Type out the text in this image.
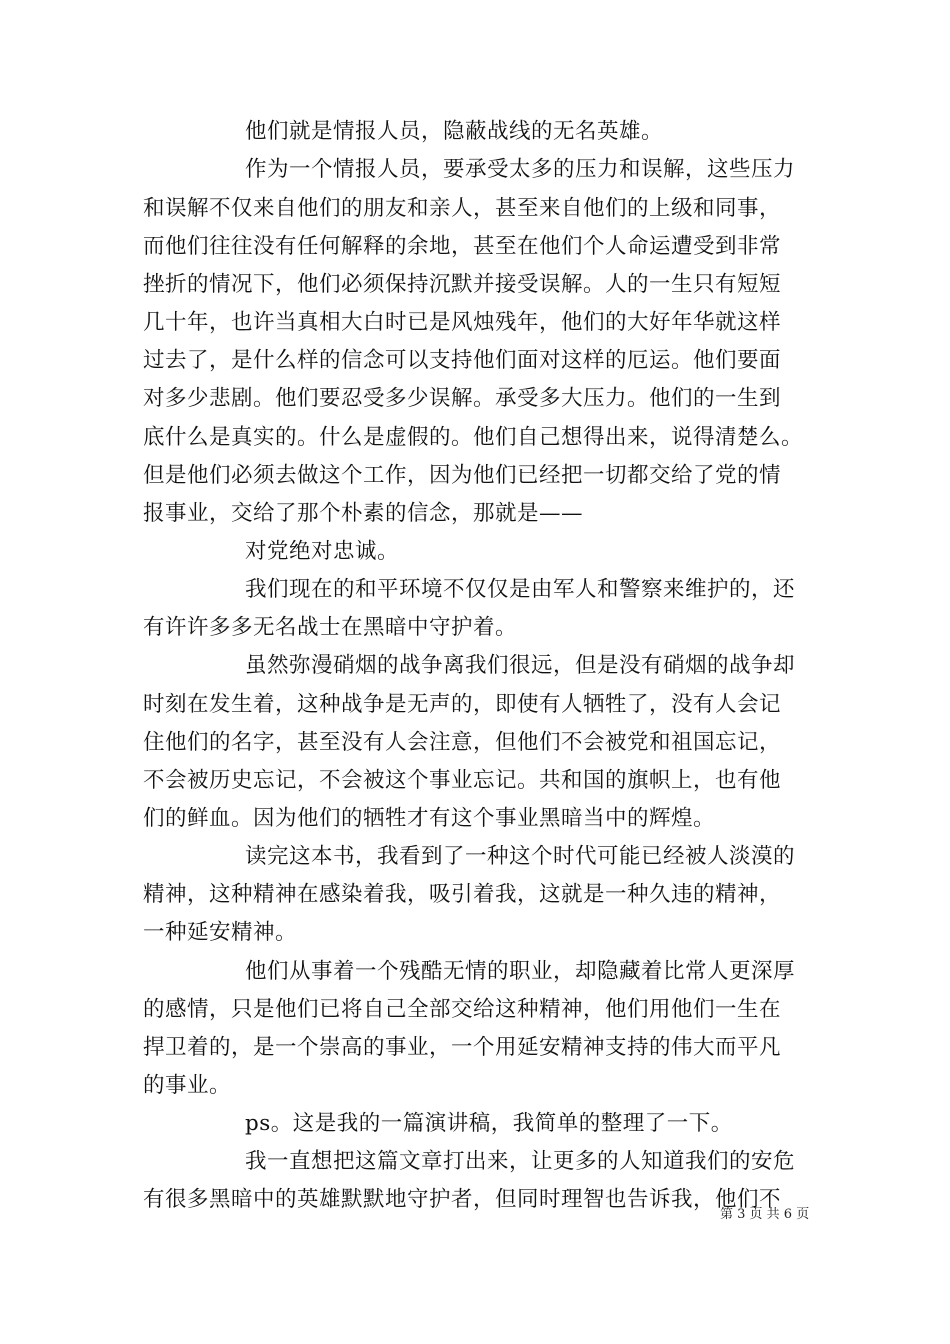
他们就是情报人员，隐蔽战线的无名英雄。
作为一个情报人员，要承受太多的压力和误解，这些压力
和误解不仅来自他们的朋友和亲人，甚至来自他们的上级和同事，
而他们往往没有任何解释的余地，甚至在他们个人命运遭受到非常
挫折的情况下，他们必须保持沉默并接受误解。人的一生只有短短
几十年，也许当真相大白时已是风烛残年，他们的大好年华就这样
过去了，是什么样的信念可以支持他们面对这样的厄运。他们要面
对多少悲剧。他们要忍受多少误解。承受多大压力。他们的一生到
底什么是真实的。什么是虚假的。他们自己想得出来，说得清楚么。
但是他们必须去做这个工作，因为他们已经把一切都交给了党的情
报事业，交给了那个朴素的信念，那就是——
对党绝对忠诚。
我们现在的和平环境不仅仅是由军人和警察来维护的，还
有许许多多无名战士在黑暗中守护着。
虽然弥漫硝烟的战争离我们很远，但是没有硝烟的战争却
时刻在发生着，这种战争是无声的，即使有人牺牲了，没有人会记
住他们的名字，甚至没有人会注意，但他们不会被党和祖国忘记，
不会被历史忘记，不会被这个事业忘记。共和国的旗帜上，也有他
们的鲜血。因为他们的牺牲才有这个事业黑暗当中的辉煌。
读完这本书，我看到了一种这个时代可能已经被人淡漠的
精神，这种精神在感染着我，吸引着我，这就是一种久违的精神，
一种延安精神。
他们从事着一个残酷无情的职业，却隐藏着比常人更深厚
的感情，只是他们已将自己全部交给这种精神，他们用他们一生在
捍卫着的，是一个崇高的事业，一个用延安精神支持的伟大而平凡
的事业。
ps。这是我的一篇演讲稿，我简单的整理了一下。
我一直想把这篇文章打出来，让更多的人知道我们的安危
有很多黑暗中的英雄默默地守护者，但同时理智也告诉我，他们不
第 3 页 共 6 页
